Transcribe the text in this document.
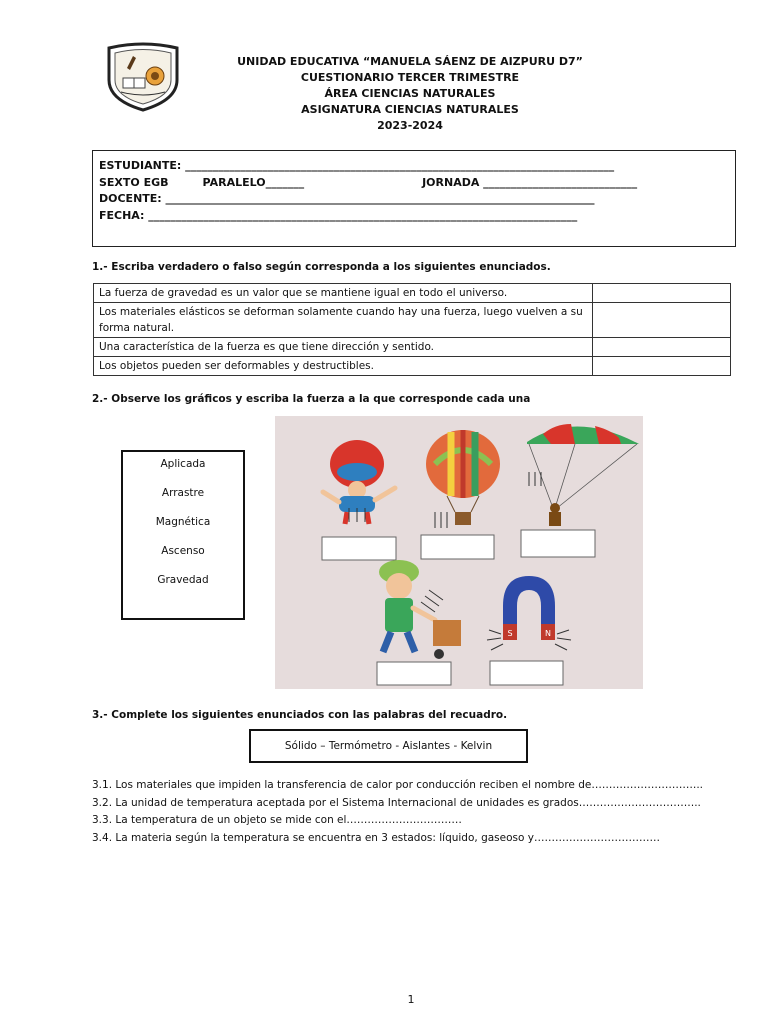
UNIDAD EDUCATIVA “MANUELA SÁENZ DE AIZPURU D7”
CUESTIONARIO TERCER TRIMESTRE
ÁREA CIENCIAS NATURALES
ASIGNATURA CIENCIAS NATURALES
2023-2024
ESTUDIANTE: ______________________________________________________________________________
SEXTO EGB	PARALELO_______	JORNADA ____________________________
DOCENTE: ______________________________________________________________________________
FECHA: ______________________________________________________________________________
1.- Escriba verdadero o falso según corresponda a los siguientes enunciados.
La fuerza de gravedad es un valor que se mantiene igual en todo el universo.	
Los materiales elásticos se deforman solamente cuando hay una fuerza, luego vuelven a su forma natural.	
Una característica de la fuerza es que tiene dirección y sentido.	
Los objetos pueden ser deformables y destructibles.	
2.- Observe los gráficos y escriba la fuerza a la que corresponde cada una
Aplicada
Arrastre
Magnética
Ascenso
Gravedad
S	N
3.- Complete los siguientes enunciados con las palabras del recuadro.
Sólido – Termómetro - Aislantes - Kelvin
3.1. Los materiales que impiden la transferencia de calor por conducción reciben el nombre de…………………………..
3.2. La unidad de temperatura aceptada por el Sistema Internacional de unidades es grados……………………………..
3.3. La temperatura de un objeto se mide con el……………………………
3.4. La materia según la temperatura se encuentra en 3 estados: líquido, gaseoso y………………………………
1
